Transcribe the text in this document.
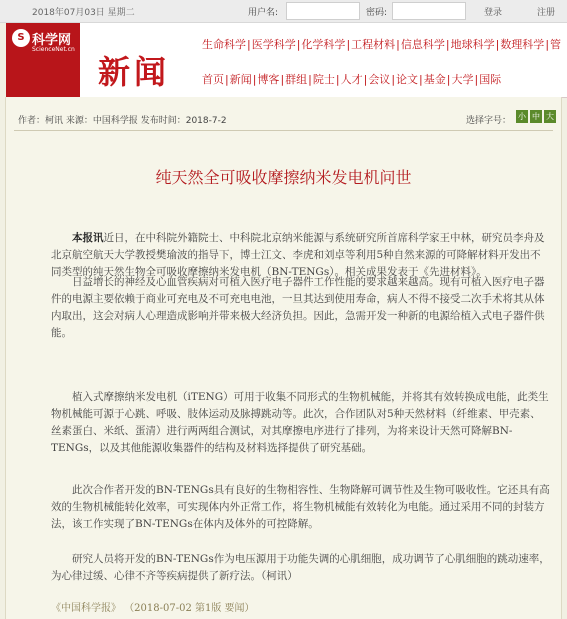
2018年07月03日 星期二	用户名:	密码:	登录	注册
S 科学网
ScienceNet.cn
新闻
生命科学|医学科学|化学科学|工程材料|信息科学|地球科学|数理科学|管
首页|新闻|博客|群组|院士|人才|会议|论文|基金|大学|国际
作者：柯讯 来源：中国科学报 发布时间：2018-7-2	选择字号： 小 中 大
纯天然全可吸收摩擦纳米发电机问世
本报讯近日，在中科院外籍院士、中科院北京纳米能源与系统研究所首席科学家王中林，研究员李舟及北京航空航天大学教授樊瑜波的指导下，博士江文、李虎和刘卓等利用5种自然来源的可降解材料开发出不同类型的纯天然生物全可吸收摩擦纳米发电机（BN-TENGs）。相关成果发表于《先进材料》。
日益增长的神经及心血管疾病对可植入医疗电子器件工作性能的要求越来越高。现有可植入医疗电子器件的电源主要依赖于商业可充电及不可充电电池，一旦其达到使用寿命，病人不得不接受二次手术将其从体内取出，这会对病人心理造成影响并带来极大经济负担。因此，急需开发一种新的电源给植入式电子器件供能。
植入式摩擦纳米发电机（iTENG）可用于收集不同形式的生物机械能，并将其有效转换成电能，此类生物机械能可源于心跳、呼吸、肢体运动及脉搏跳动等。此次，合作团队对5种天然材料（纤维素、甲壳素、丝素蛋白、米纸、蛋清）进行两两组合测试，对其摩擦电序进行了排列，为将来设计天然可降解BN-TENGs，以及其他能源收集器件的结构及材料选择提供了研究基础。
此次合作者开发的BN-TENGs具有良好的生物相容性、生物降解可调节性及生物可吸收性。它还具有高效的生物机械能转化效率，可实现体内外正常工作，将生物机械能有效转化为电能。通过采用不同的封装方法，该工作实现了BN-TENGs在体内及体外的可控降解。
研究人员将开发的BN-TENGs作为电压源用于功能失调的心肌细胞，成功调节了心肌细胞的跳动速率，为心律过缓、心律不齐等疾病提供了新疗法。（柯讯）
《中国科学报》 （2018-07-02 第1版 要闻）
